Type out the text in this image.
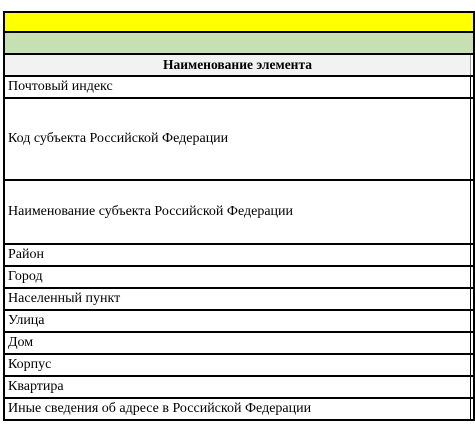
Наименование элемента
Почтовый индекс
Код субъекта Российской Федерации
Наименование субъекта Российской Федерации
Район
Город
Населенный пункт
Улица
Дом
Корпус
Квартира
Иные сведения об адресе в Российской Федерации
